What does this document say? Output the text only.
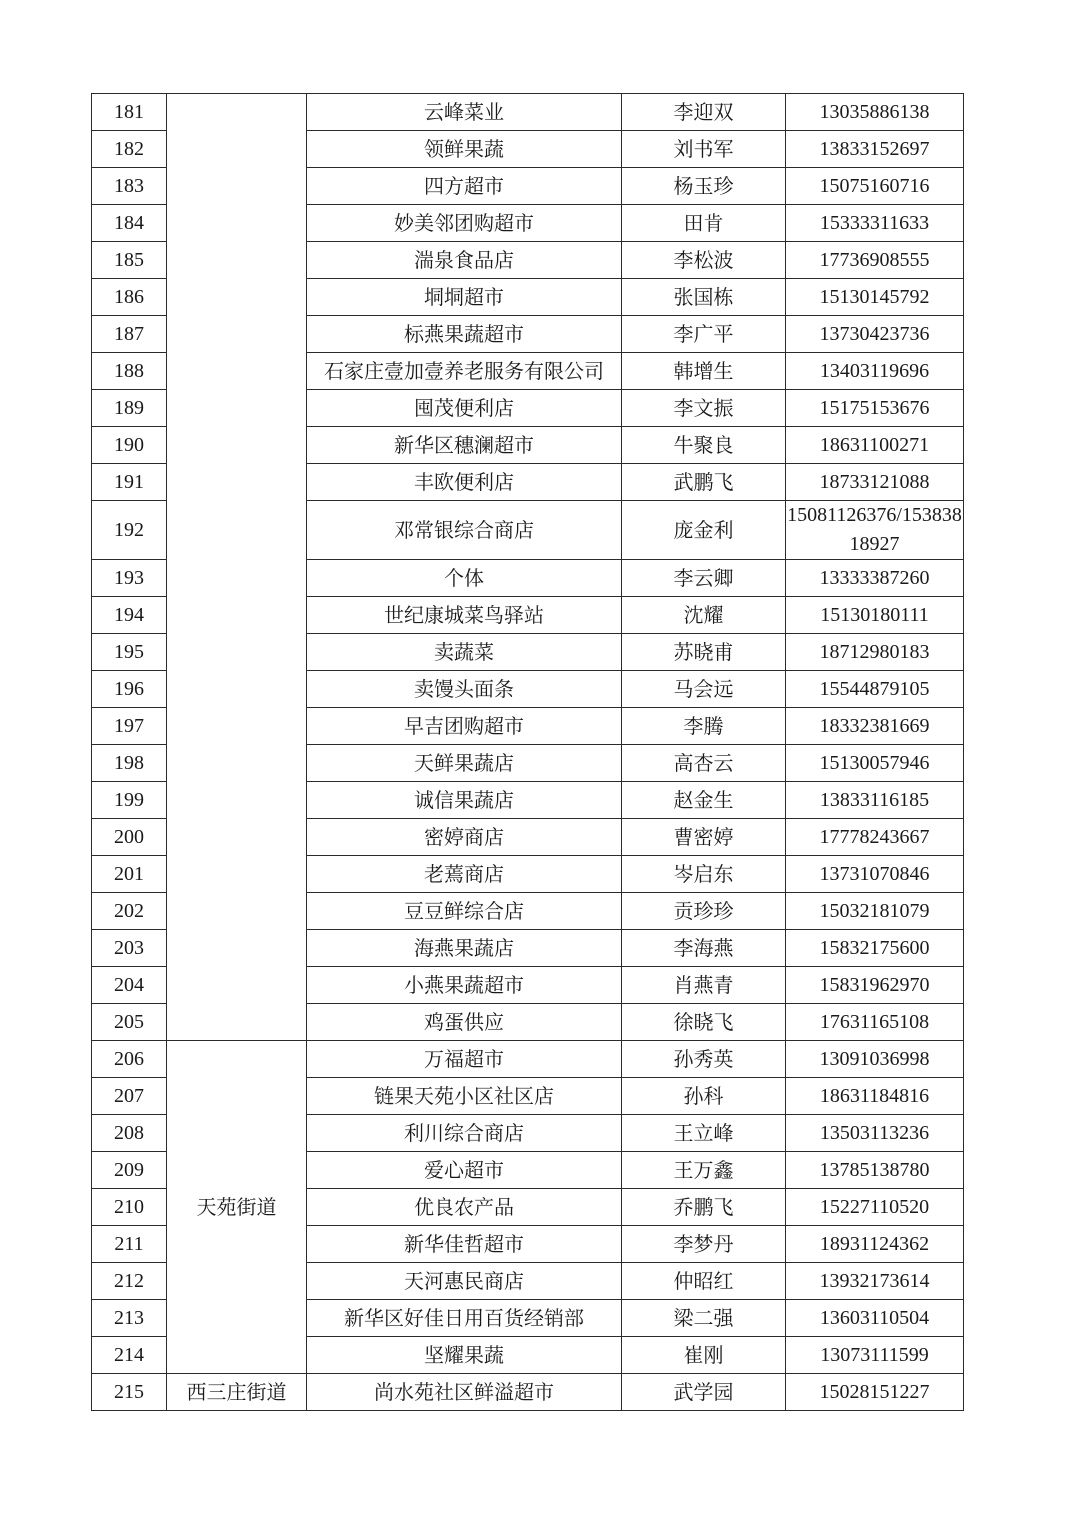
181		云峰菜业	李迎双	13035886138
182		领鲜果蔬	刘书军	13833152697
183		四方超市	杨玉珍	15075160716
184		妙美邻团购超市	田肯	15333311633
185		湍泉食品店	李松波	17736908555
186		垌垌超市	张国栋	15130145792
187		标燕果蔬超市	李广平	13730423736
188		石家庄壹加壹养老服务有限公司	韩增生	13403119696
189		囤茂便利店	李文振	15175153676
190		新华区穗澜超市	牛聚良	18631100271
191		丰欧便利店	武鹏飞	18733121088
192		邓常银综合商店	庞金利	15081126376/15383818927
193		个体	李云卿	13333387260
194		世纪康城菜鸟驿站	沈耀	15130180111
195		卖蔬菜	苏晓甫	18712980183
196		卖馒头面条	马会远	15544879105
197		早吉团购超市	李腾	18332381669
198		天鲜果蔬店	高杏云	15130057946
199		诚信果蔬店	赵金生	13833116185
200		密婷商店	曹密婷	17778243667
201		老蔫商店	岑启东	13731070846
202		豆豆鲜综合店	贡珍珍	15032181079
203		海燕果蔬店	李海燕	15832175600
204		小燕果蔬超市	肖燕青	15831962970
205		鸡蛋供应	徐晓飞	17631165108
206	天苑街道	万福超市	孙秀英	13091036998
207		链果天苑小区社区店	孙科	18631184816
208		利川综合商店	王立峰	13503113236
209		爱心超市	王万鑫	13785138780
210		优良农产品	乔鹏飞	15227110520
211		新华佳哲超市	李梦丹	18931124362
212		天河惠民商店	仲昭红	13932173614
213		新华区好佳日用百货经销部	梁二强	13603110504
214		坚耀果蔬	崔刚	13073111599
215	西三庄街道	尚水苑社区鲜溢超市	武学园	15028151227
